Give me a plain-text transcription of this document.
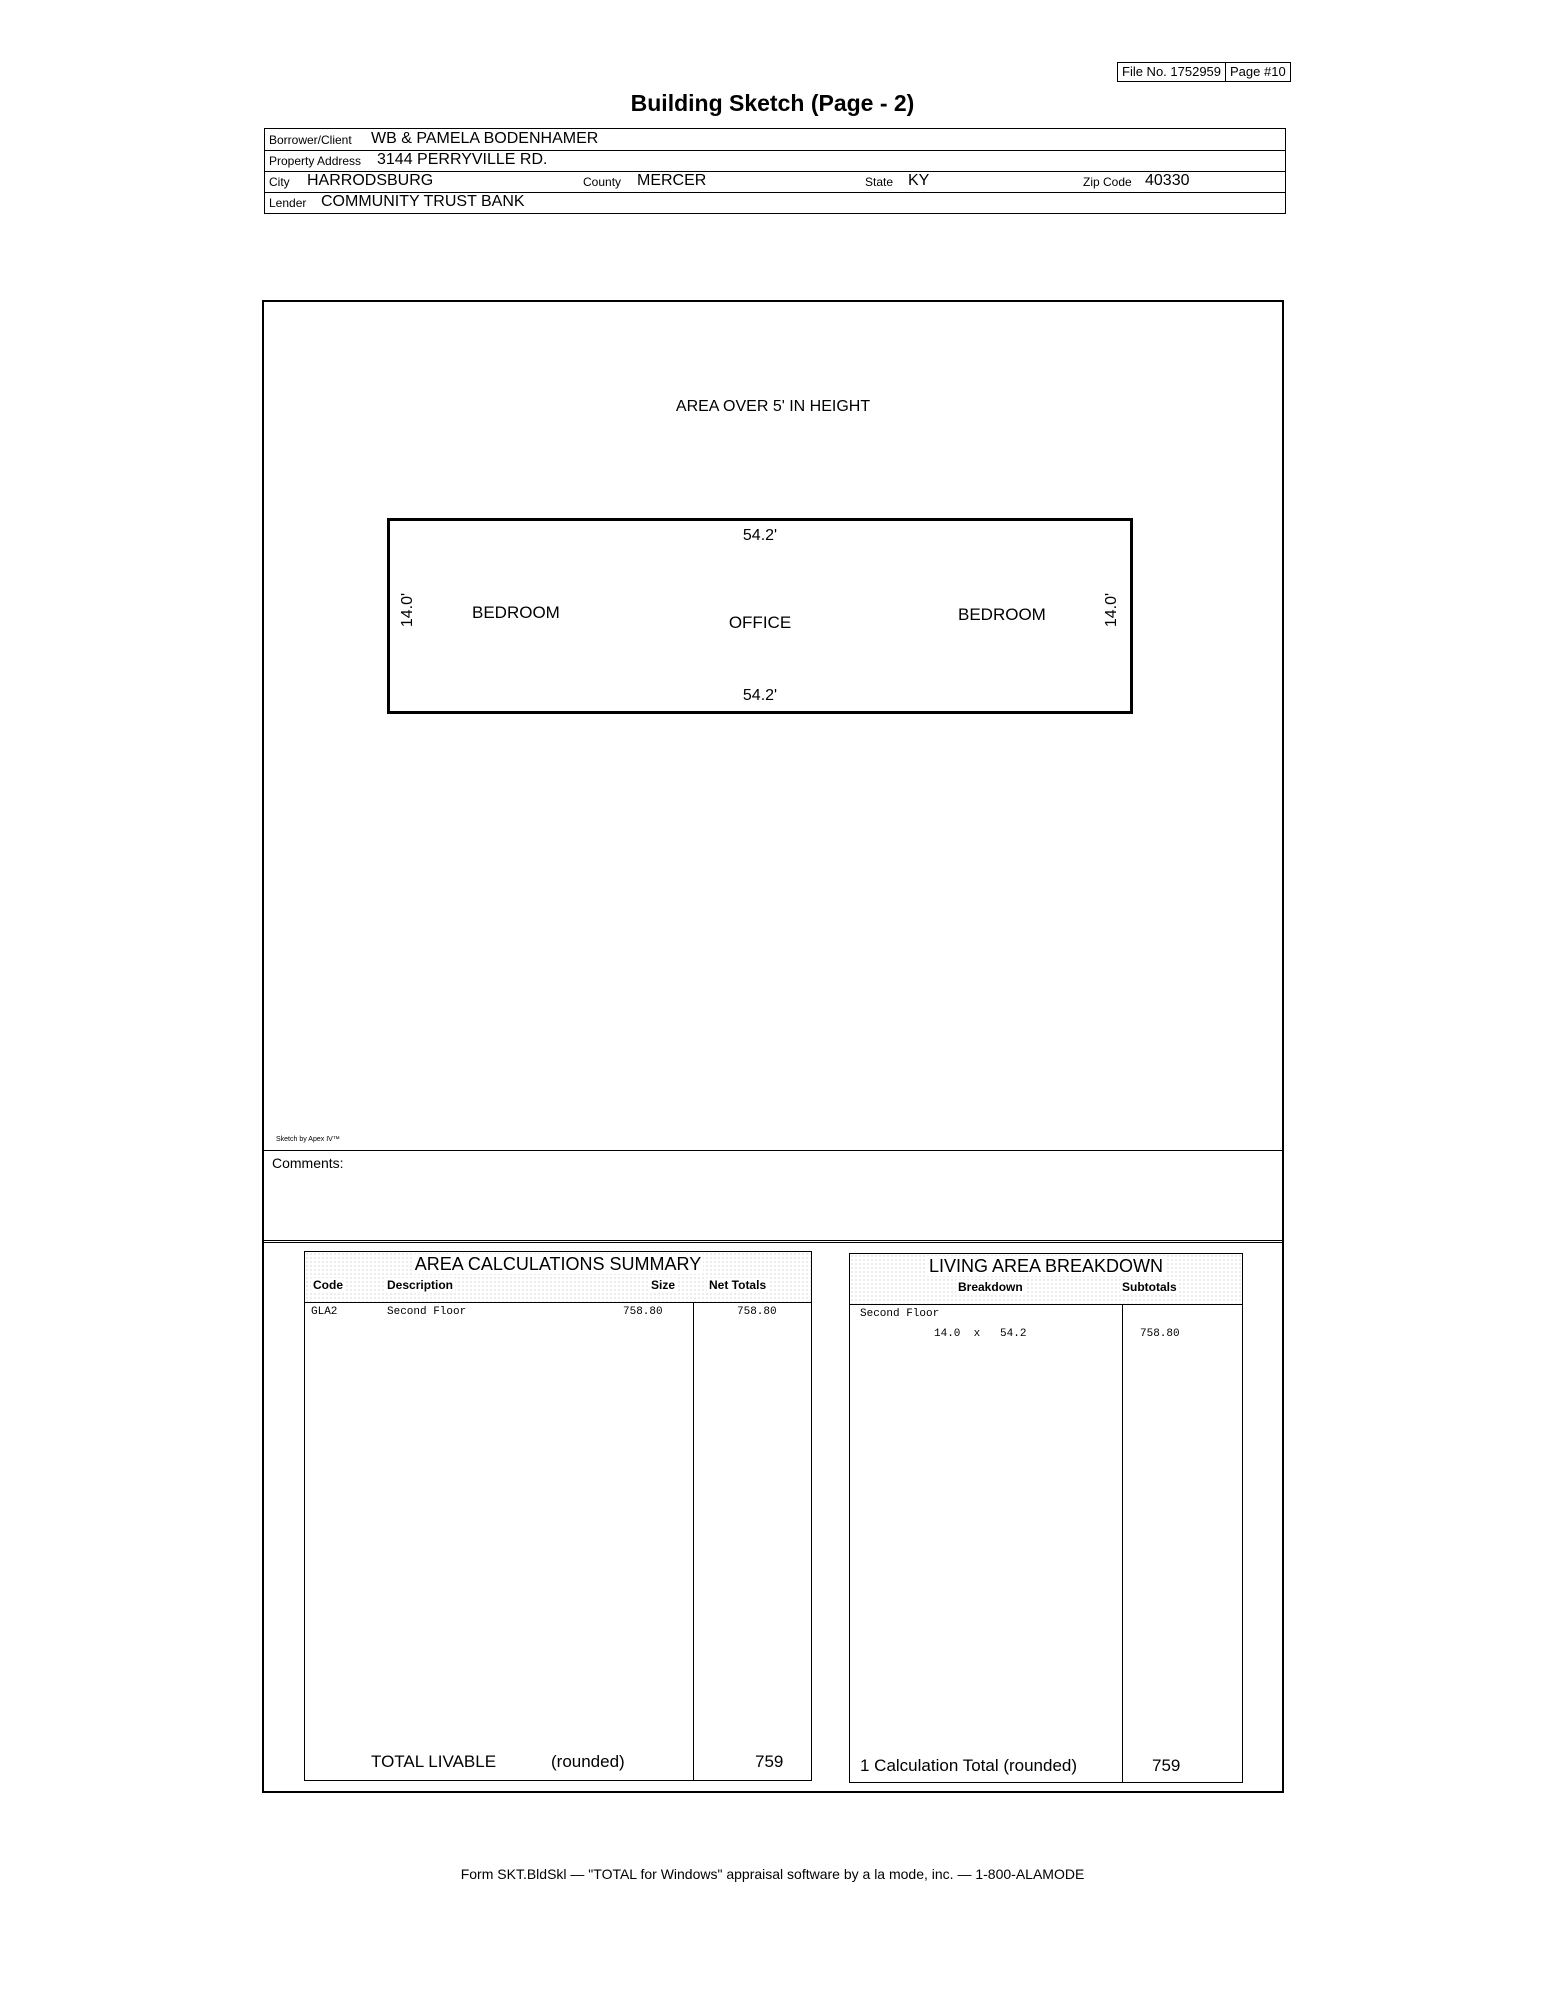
File No. 1752959 Page #10
Building Sketch (Page - 2)
Borrower/Client WB & PAMELA BODENHAMER
Property Address 3144 PERRYVILLE RD.
City HARRODSBURG	County MERCER	State KY	Zip Code 40330
Lender COMMUNITY TRUST BANK
AREA OVER 5' IN HEIGHT
54.2'
54.2'
14.0'	14.0'
BEDROOM
OFFICE	BEDROOM
Sketch by Apex IV™
Comments:
AREA CALCULATIONS SUMMARY
Code	Description	Size	Net Totals
GLA2	Second Floor	758.80	758.80
TOTAL LIVABLE	(rounded)	759
LIVING AREA BREAKDOWN
Breakdown	Subtotals
Second Floor
14.0  x   54.2	758.80
1 Calculation Total (rounded)	759
Form SKT.BldSkl — "TOTAL for Windows" appraisal software by a la mode, inc. — 1-800-ALAMODE
